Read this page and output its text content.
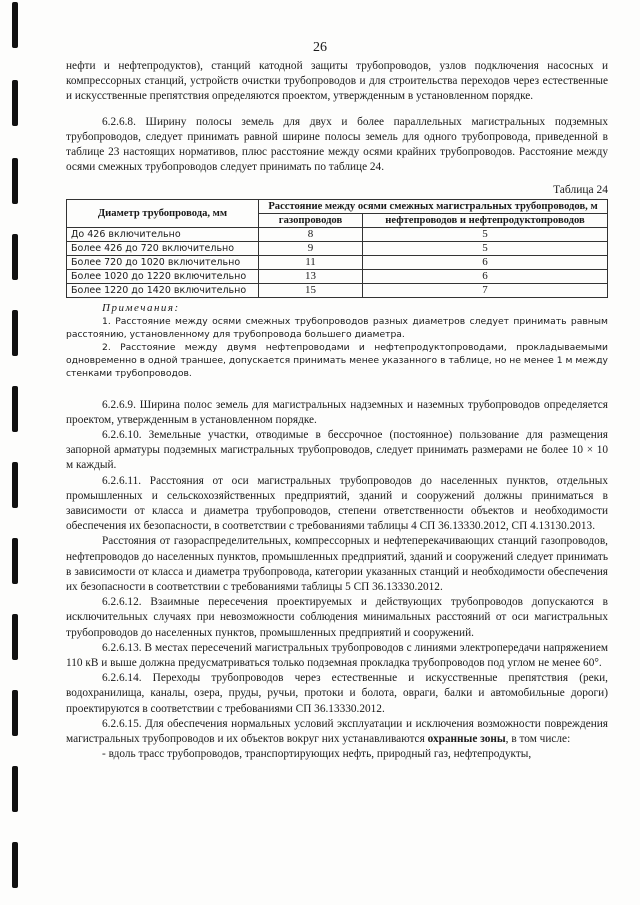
26

нефти и нефтепродуктов), станций катодной защиты трубопроводов, узлов подключения насосных и компрессорных станций, устройств очистки трубопроводов и для строительства переходов через естественные и искусственные препятствия определяются проектом, утвержденным в установленном порядке.

6.2.6.8. Ширину полосы земель для двух и более параллельных магистральных подземных трубопроводов, следует принимать равной ширине полосы земель для одного трубопровода, приведенной в таблице 23 настоящих нормативов, плюс расстояние между осями крайних трубопроводов. Расстояние между осями смежных трубопроводов следует принимать по таблице 24.

Таблица 24
Диаметр трубопровода, мм	Расстояние между осями смежных магистральных трубопроводов, м	
	газопроводов	нефтепроводов и нефтепродуктопроводов
До 426 включительно	8	5
Более 426 до 720 включительно	9	5
Более 720 до 1020 включительно	11	6
Более 1020 до 1220 включительно	13	6
Более 1220 до 1420 включительно	15	7

Примечания:

1. Расстояние между осями смежных трубопроводов разных диаметров следует принимать равным расстоянию, установленному для трубопровода большего диаметра.

2. Расстояние между двумя нефтепроводами и нефтепродуктопроводами, прокладываемыми одновременно в одной траншее, допускается принимать менее указанного в таблице, но не менее 1 м между стенками трубопроводов.

6.2.6.9. Ширина полос земель для магистральных надземных и наземных трубопроводов определяется проектом, утвержденным в установленном порядке.

6.2.6.10. Земельные участки, отводимые в бессрочное (постоянное) пользование для размещения запорной арматуры подземных магистральных трубопроводов, следует принимать размерами не более 10 × 10 м каждый.

6.2.6.11. Расстояния от оси магистральных трубопроводов до населенных пунктов, отдельных промышленных и сельскохозяйственных предприятий, зданий и сооружений должны приниматься в зависимости от класса и диаметра трубопроводов, степени ответственности объектов и необходимости обеспечения их безопасности, в соответствии с требованиями таблицы 4 СП 36.13330.2012, СП 4.13130.2013.

Расстояния от газораспределительных, компрессорных и нефтеперекачивающих станций газопроводов, нефтепроводов до населенных пунктов, промышленных предприятий, зданий и сооружений следует принимать в зависимости от класса и диаметра трубопровода, категории указанных станций и необходимости обеспечения их безопасности в соответствии с требованиями таблицы 5 СП 36.13330.2012.

6.2.6.12. Взаимные пересечения проектируемых и действующих трубопроводов допускаются в исключительных случаях при невозможности соблюдения минимальных расстояний от оси магистральных трубопроводов до населенных пунктов, промышленных предприятий и сооружений.

6.2.6.13. В местах пересечений магистральных трубопроводов с линиями электропередачи напряжением 110 кВ и выше должна предусматриваться только подземная прокладка трубопроводов под углом не менее 60°.

6.2.6.14. Переходы трубопроводов через естественные и искусственные препятствия (реки, водохранилища, каналы, озера, пруды, ручьи, протоки и болота, овраги, балки и автомобильные дороги) проектируются в соответствии с требованиями СП 36.13330.2012.

6.2.6.15. Для обеспечения нормальных условий эксплуатации и исключения возможности повреждения магистральных трубопроводов и их объектов вокруг них устанавливаются охранные зоны, в том числе:

- вдоль трасс трубопроводов, транспортирующих нефть, природный газ, нефтепродукты,
